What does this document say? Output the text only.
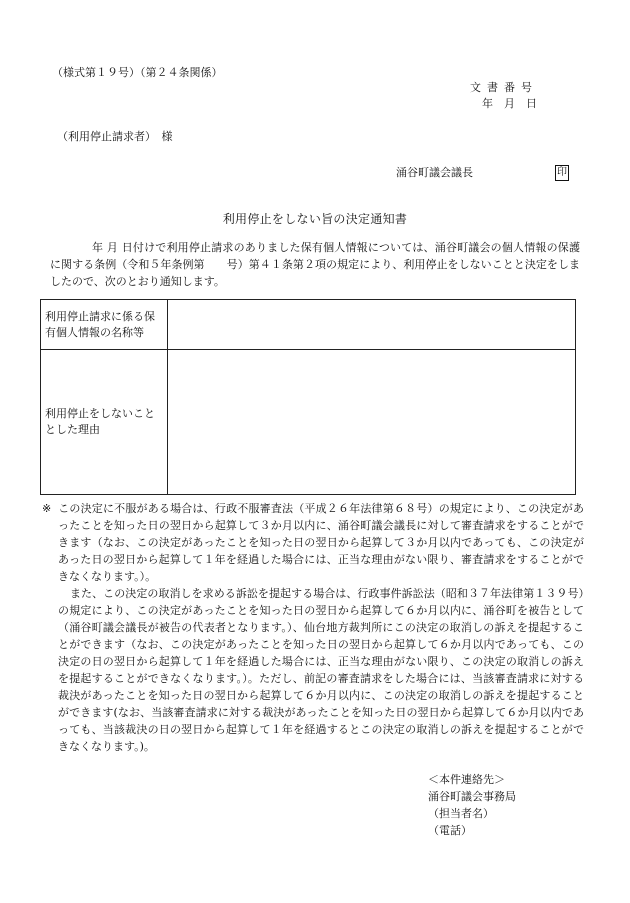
（様式第１９号）（第２４条関係）
文書番号
年　月　日
（利用停止請求者）　様
涌谷町議会議長	印
利用停止をしない旨の決定通知書
年 月 日付けで利用停止請求のありました保有個人情報については、涌谷町議会の個人情報の保護に関する条例（令和５年条例第　　号）第４１条第２項の規定により、利用停止をしないことと決定をしましたので、次のとおり通知します。
利用停止請求に係る保有個人情報の名称等	
利用停止をしないこととした理由	
※ この決定に不服がある場合は、行政不服審査法（平成２６年法律第６８号）の規定により、この決定があったことを知った日の翌日から起算して３か月以内に、涌谷町議会議長に対して審査請求をすることができます（なお、この決定があったことを知った日の翌日から起算して３か月以内であっても、この決定があった日の翌日から起算して１年を経過した場合には、正当な理由がない限り、審査請求をすることができなくなります。）。
また、この決定の取消しを求める訴訟を提起する場合は、行政事件訴訟法（昭和３７年法律第１３９号）の規定により、この決定があったことを知った日の翌日から起算して６か月以内に、涌谷町を被告として（涌谷町議会議長が被告の代表者となります。）、仙台地方裁判所にこの決定の取消しの訴えを提起することができます（なお、この決定があったことを知った日の翌日から起算して６か月以内であっても、この決定の日の翌日から起算して１年を経過した場合には、正当な理由がない限り、この決定の取消しの訴えを提起することができなくなります。）。ただし、前記の審査請求をした場合には、当該審査請求に対する裁決があったことを知った日の翌日から起算して６か月以内に、この決定の取消しの訴えを提起することができます(なお、当該審査請求に対する裁決があったことを知った日の翌日から起算して６か月以内であっても、当該裁決の日の翌日から起算して１年を経過するとこの決定の取消しの訴えを提起することができなくなります。)。
＜本件連絡先＞
涌谷町議会事務局
（担当者名）
（電話）
